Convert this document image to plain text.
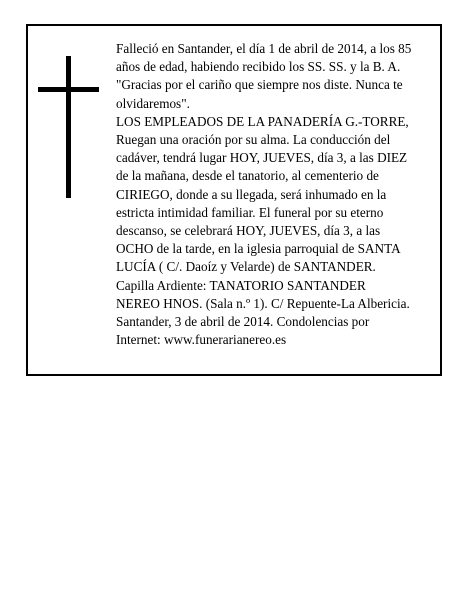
Falleció en Santander, el día 1 de abril de 2014, a los 85
años de edad, habiendo recibido los SS. SS. y la B. A.
"Gracias por el cariño que siempre nos diste. Nunca te
olvidaremos".
LOS EMPLEADOS DE LA PANADERÍA G.-TORRE,
Ruegan una oración por su alma. La conducción del
cadáver, tendrá lugar HOY, JUEVES, día 3, a las DIEZ
de la mañana, desde el tanatorio, al cementerio de
CIRIEGO, donde a su llegada, será inhumado en la
estricta intimidad familiar. El funeral por su eterno
descanso, se celebrará HOY, JUEVES, día 3, a las
OCHO de la tarde, en la iglesia parroquial de SANTA
LUCÍA ( C/. Daoíz y Velarde) de SANTANDER.
Capilla Ardiente: TANATORIO SANTANDER
NEREO HNOS. (Sala n.º 1). C/ Repuente-La Albericia.
Santander, 3 de abril de 2014. Condolencias por
Internet: www.funerarianereo.es
